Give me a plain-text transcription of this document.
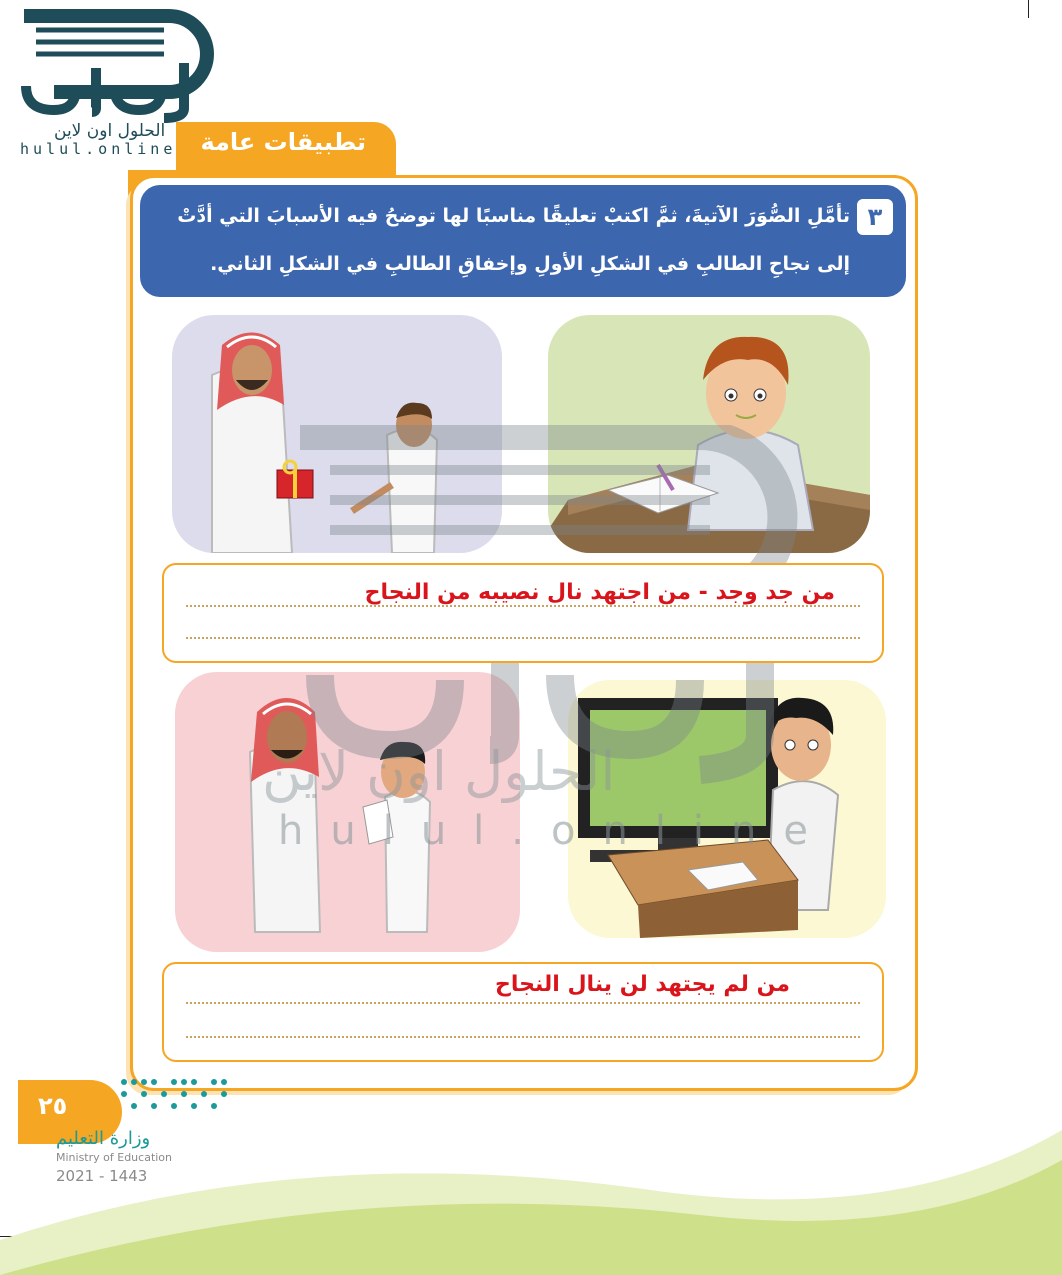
الحلول اون لاين
hulul.online	تطبيقات عامة
٣
تأمَّلِ الصُّوَرَ الآتيةَ، ثمَّ اكتبْ تعليقًا مناسبًا لها توضحُ فيه الأسبابَ التي أدَّتْ إلى نجاحِ الطالبِ في الشكلِ الأولِ وإخفاقِ الطالبِ في الشكلِ الثاني.
الحلول اون لاين
hulul.online
من جد وجد - من اجتهد نال نصيبه من النجاح
من لم يجتهد لن ينال النجاح
٢٥
وزارة التعليم
Ministry of Education
2021 - 1443
